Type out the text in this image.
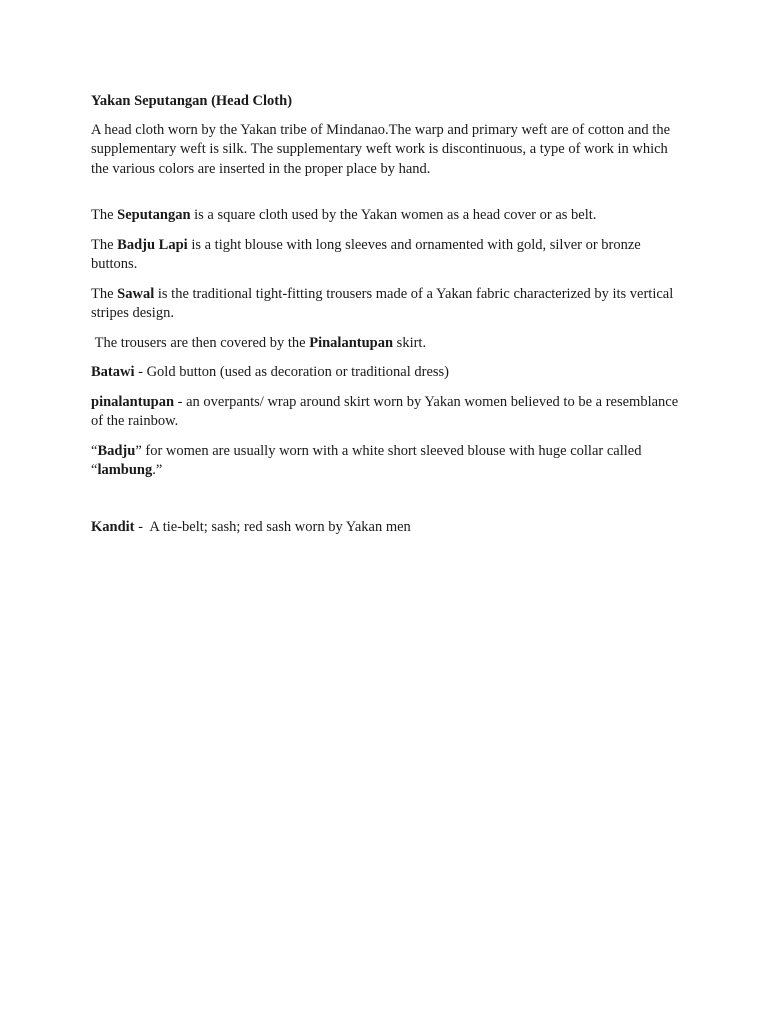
Yakan Seputangan (Head Cloth)

A head cloth worn by the Yakan tribe of Mindanao.The warp and primary weft are of cotton and the supplementary weft is silk. The supplementary weft work is discontinuous, a type of work in which the various colors are inserted in the proper place by hand.

The Seputangan is a square cloth used by the Yakan women as a head cover or as belt.

The Badju Lapi is a tight blouse with long sleeves and ornamented with gold, silver or bronze buttons.

The Sawal is the traditional tight-fitting trousers made of a Yakan fabric characterized by its vertical stripes design.

The trousers are then covered by the Pinalantupan skirt.

Batawi - Gold button (used as decoration or traditional dress)

pinalantupan - an overpants/ wrap around skirt worn by Yakan women believed to be a resemblance of the rainbow.

“Badju” for women are usually worn with a white short sleeved blouse with huge collar called “lambung.”

Kandit -  A tie-belt; sash; red sash worn by Yakan men
